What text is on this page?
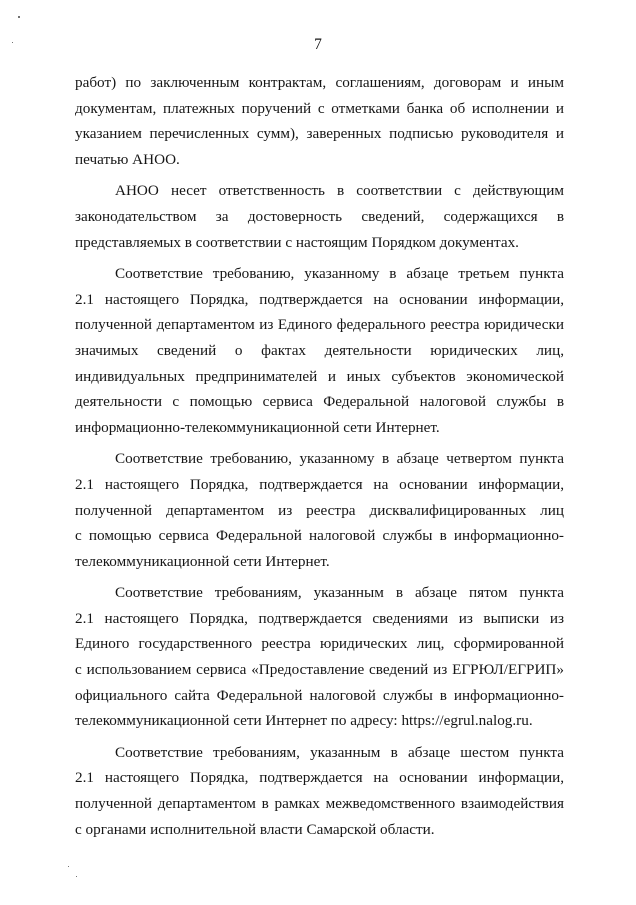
7
работ) по заключенным контрактам, соглашениям, договорам и иным
документам, платежных поручений с отметками банка об исполнении и
указанием перечисленных сумм), заверенных подписью руководителя и
печатью АНОО.
АНОО несет ответственность в соответствии с действующим
законодательством за достоверность сведений, содержащихся в
представляемых в соответствии с настоящим Порядком документах.
Соответствие требованию, указанному в абзаце третьем пункта
2.1 настоящего Порядка, подтверждается на основании информации,
полученной департаментом из Единого федерального реестра юридически
значимых сведений о фактах деятельности юридических лиц,
индивидуальных предпринимателей и иных субъектов экономической
деятельности с помощью сервиса Федеральной налоговой службы в
информационно-телекоммуникационной сети Интернет.
Соответствие требованию, указанному в абзаце четвертом пункта
2.1 настоящего Порядка, подтверждается на основании информации,
полученной департаментом из реестра дисквалифицированных лиц
с помощью сервиса Федеральной налоговой службы в информационно-
телекоммуникационной сети Интернет.
Соответствие требованиям, указанным в абзаце пятом пункта
2.1 настоящего Порядка, подтверждается сведениями из выписки из
Единого государственного реестра юридических лиц, сформированной
с использованием сервиса «Предоставление сведений из ЕГРЮЛ/ЕГРИП»
официального сайта Федеральной налоговой службы в информационно-
телекоммуникационной сети Интернет по адресу: https://egrul.nalog.ru.
Соответствие требованиям, указанным в абзаце шестом пункта
2.1 настоящего Порядка, подтверждается на основании информации,
полученной департаментом в рамках межведомственного взаимодействия
с органами исполнительной власти Самарской области.
